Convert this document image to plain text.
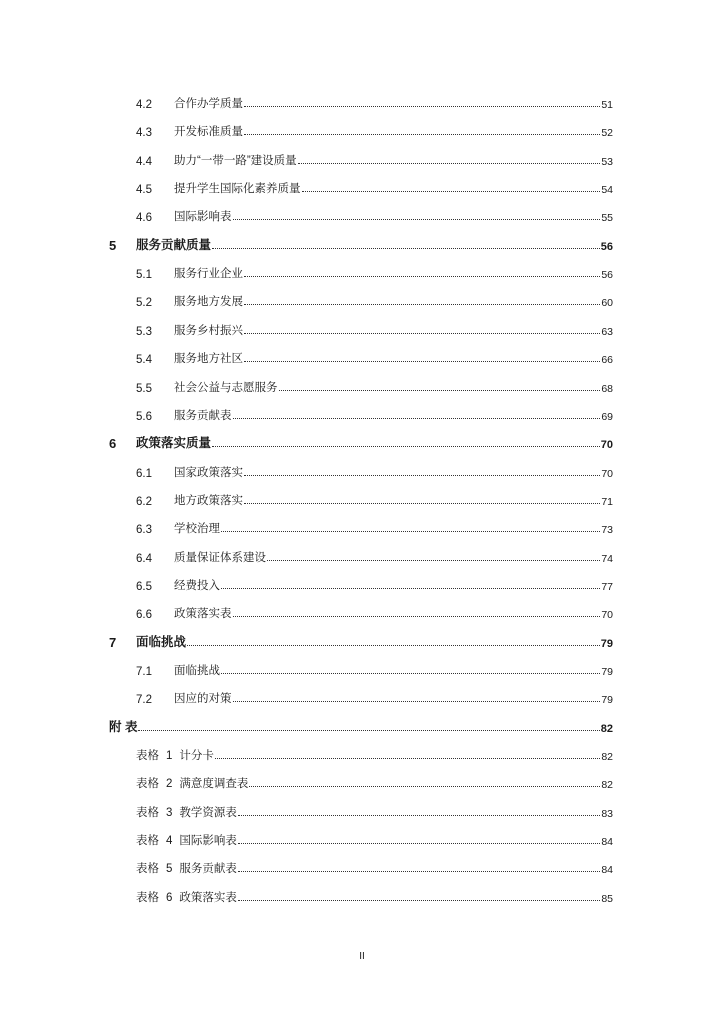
4.2	合作办学质量	51
4.3	开发标准质量	52
4.4	助力“一带一路”建设质量	53
4.5	提升学生国际化素养质量	54
4.6	国际影响表	55
5	服务贡献质量	56
5.1	服务行业企业	56
5.2	服务地方发展	60
5.3	服务乡村振兴	63
5.4	服务地方社区	66
5.5	社会公益与志愿服务	68
5.6	服务贡献表	69
6	政策落实质量	70
6.1	国家政策落实	70
6.2	地方政策落实	71
6.3	学校治理	73
6.4	质量保证体系建设	74
6.5	经费投入	77
6.6	政策落实表	70
7	面临挑战	79
7.1	面临挑战	79
7.2	因应的对策	79
附 表	82
表格 1 计分卡	82
表格 2 满意度调查表	82
表格 3 教学资源表	83
表格 4 国际影响表	84
表格 5 服务贡献表	84
表格 6 政策落实表	85
II
